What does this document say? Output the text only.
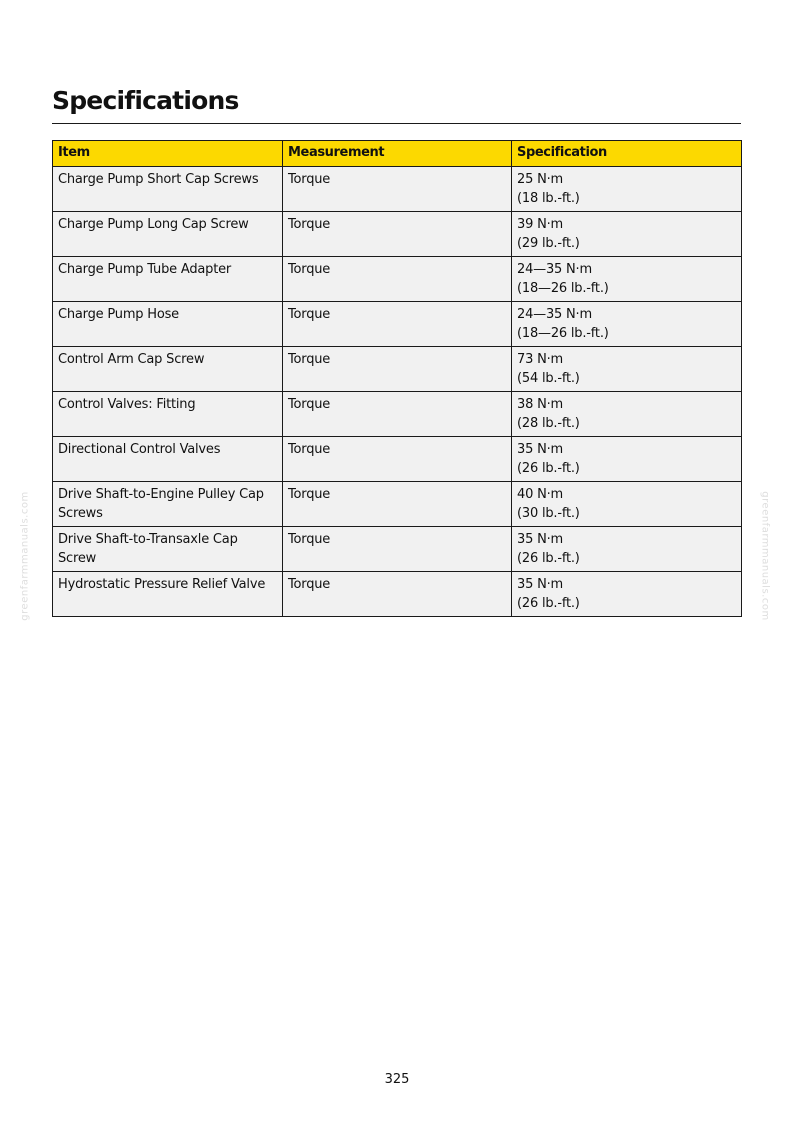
Specifications
Item	Measurement	Specification
Charge Pump Short Cap Screws	Torque	25 N·m
(18 lb.-ft.)

Charge Pump Long Cap Screw	Torque	39 N·m
(29 lb.-ft.)

Charge Pump Tube Adapter	Torque	24—35 N·m
(18—26 lb.-ft.)

Charge Pump Hose	Torque	24—35 N·m
(18—26 lb.-ft.)

Control Arm Cap Screw	Torque	73 N·m
(54 lb.-ft.)

Control Valves: Fitting	Torque	38 N·m
(28 lb.-ft.)

Directional Control Valves	Torque	35 N·m
(26 lb.-ft.)

Drive Shaft-to-Engine Pulley Cap Screws	Torque	40 N·m
(30 lb.-ft.)

Drive Shaft-to-Transaxle Cap Screw	Torque	35 N·m
(26 lb.-ft.)

Hydrostatic Pressure Relief Valve	Torque	35 N·m
(26 lb.-ft.)
greenfarmmanuals.com	greenfarmmanuals.com
325
